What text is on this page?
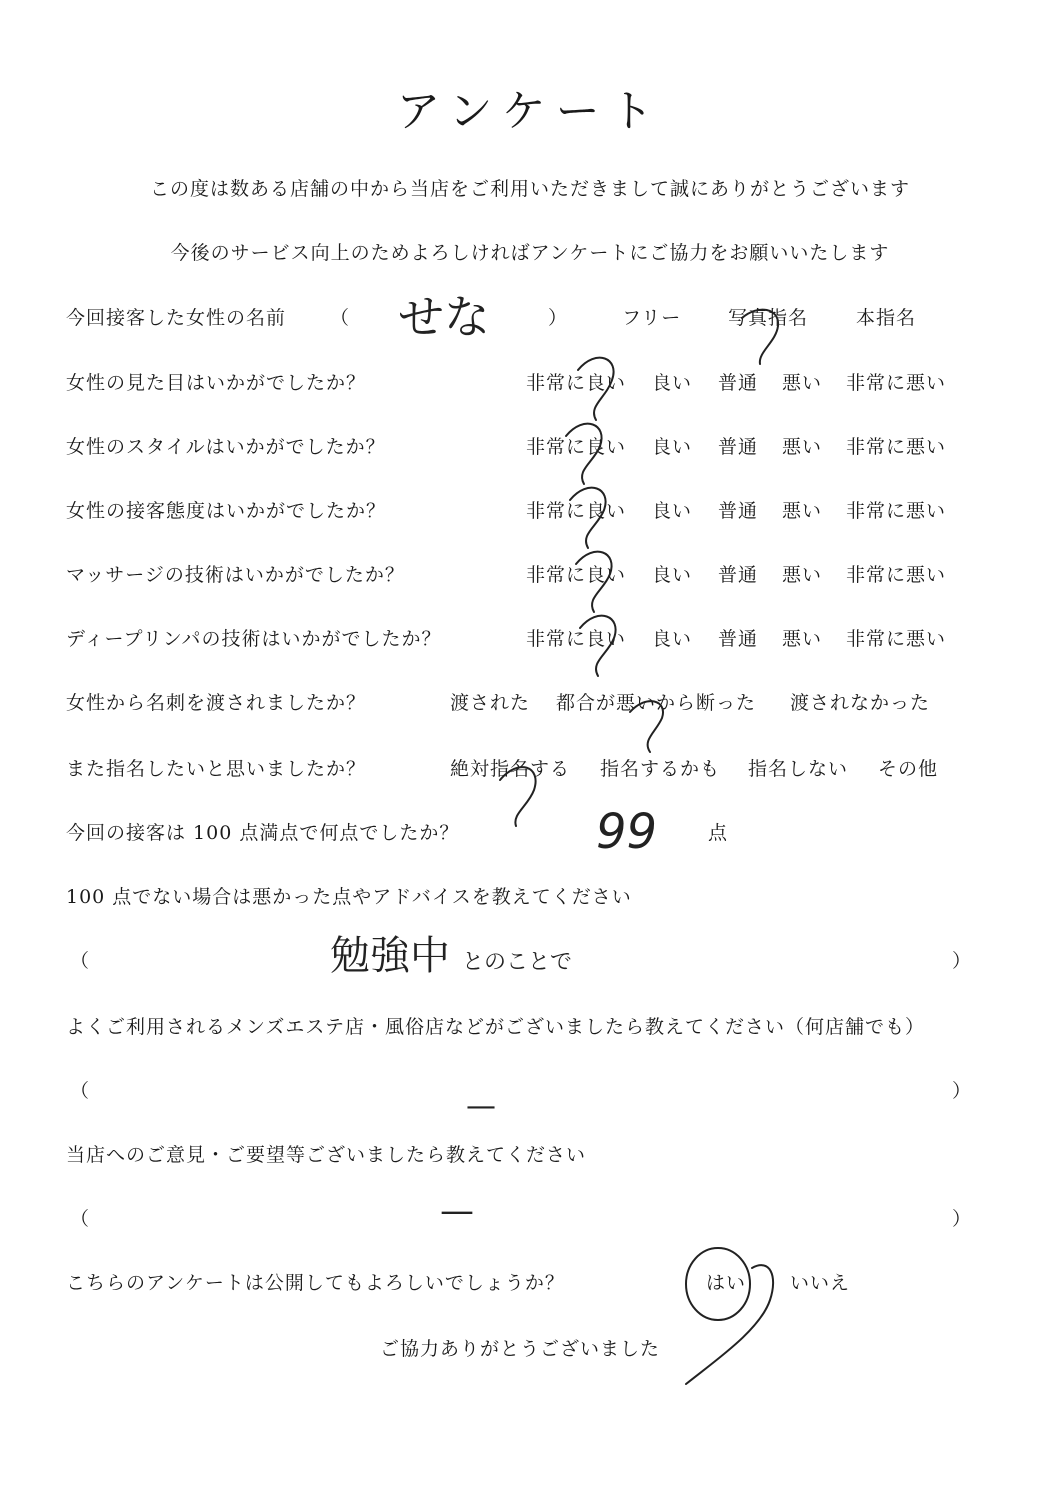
アンケート
この度は数ある店舗の中から当店をご利用いただきまして誠にありがとうございます
今後のサービス向上のためよろしければアンケートにご協力をお願いいたします
今回接客した女性の名前 （ せな	）	フリー 写真指名	本指名
女性の見た目はいかがでしたか？	非常に良い 良い 普通 悪い 非常に悪い
女性のスタイルはいかがでしたか？	非常に良い 良い 普通 悪い 非常に悪い
女性の接客態度はいかがでしたか？	非常に良い 良い 普通 悪い 非常に悪い
マッサージの技術はいかがでしたか？	非常に良い 良い 普通 悪い 非常に悪い
ディープリンパの技術はいかがでしたか？	非常に良い 良い 普通 悪い 非常に悪い
女性から名刺を渡されましたか？	渡された 都合が悪いから断った 渡されなかった
また指名したいと思いましたか？	絶対指名する 指名するかも 指名しない その他
今回の接客は 100 点満点で何点でしたか？	99	点
100 点でない場合は悪かった点やアドバイスを教えてください
（	勉強中 とのことで	）
よくご利用されるメンズエステ店・風俗店などがございましたら教えてください（何店舗でも）
（	—	）
当店へのご意見・ご要望等ございましたら教えてください
（	—	）
こちらのアンケートは公開してもよろしいでしょうか？	はい いいえ
ご協力ありがとうございました
